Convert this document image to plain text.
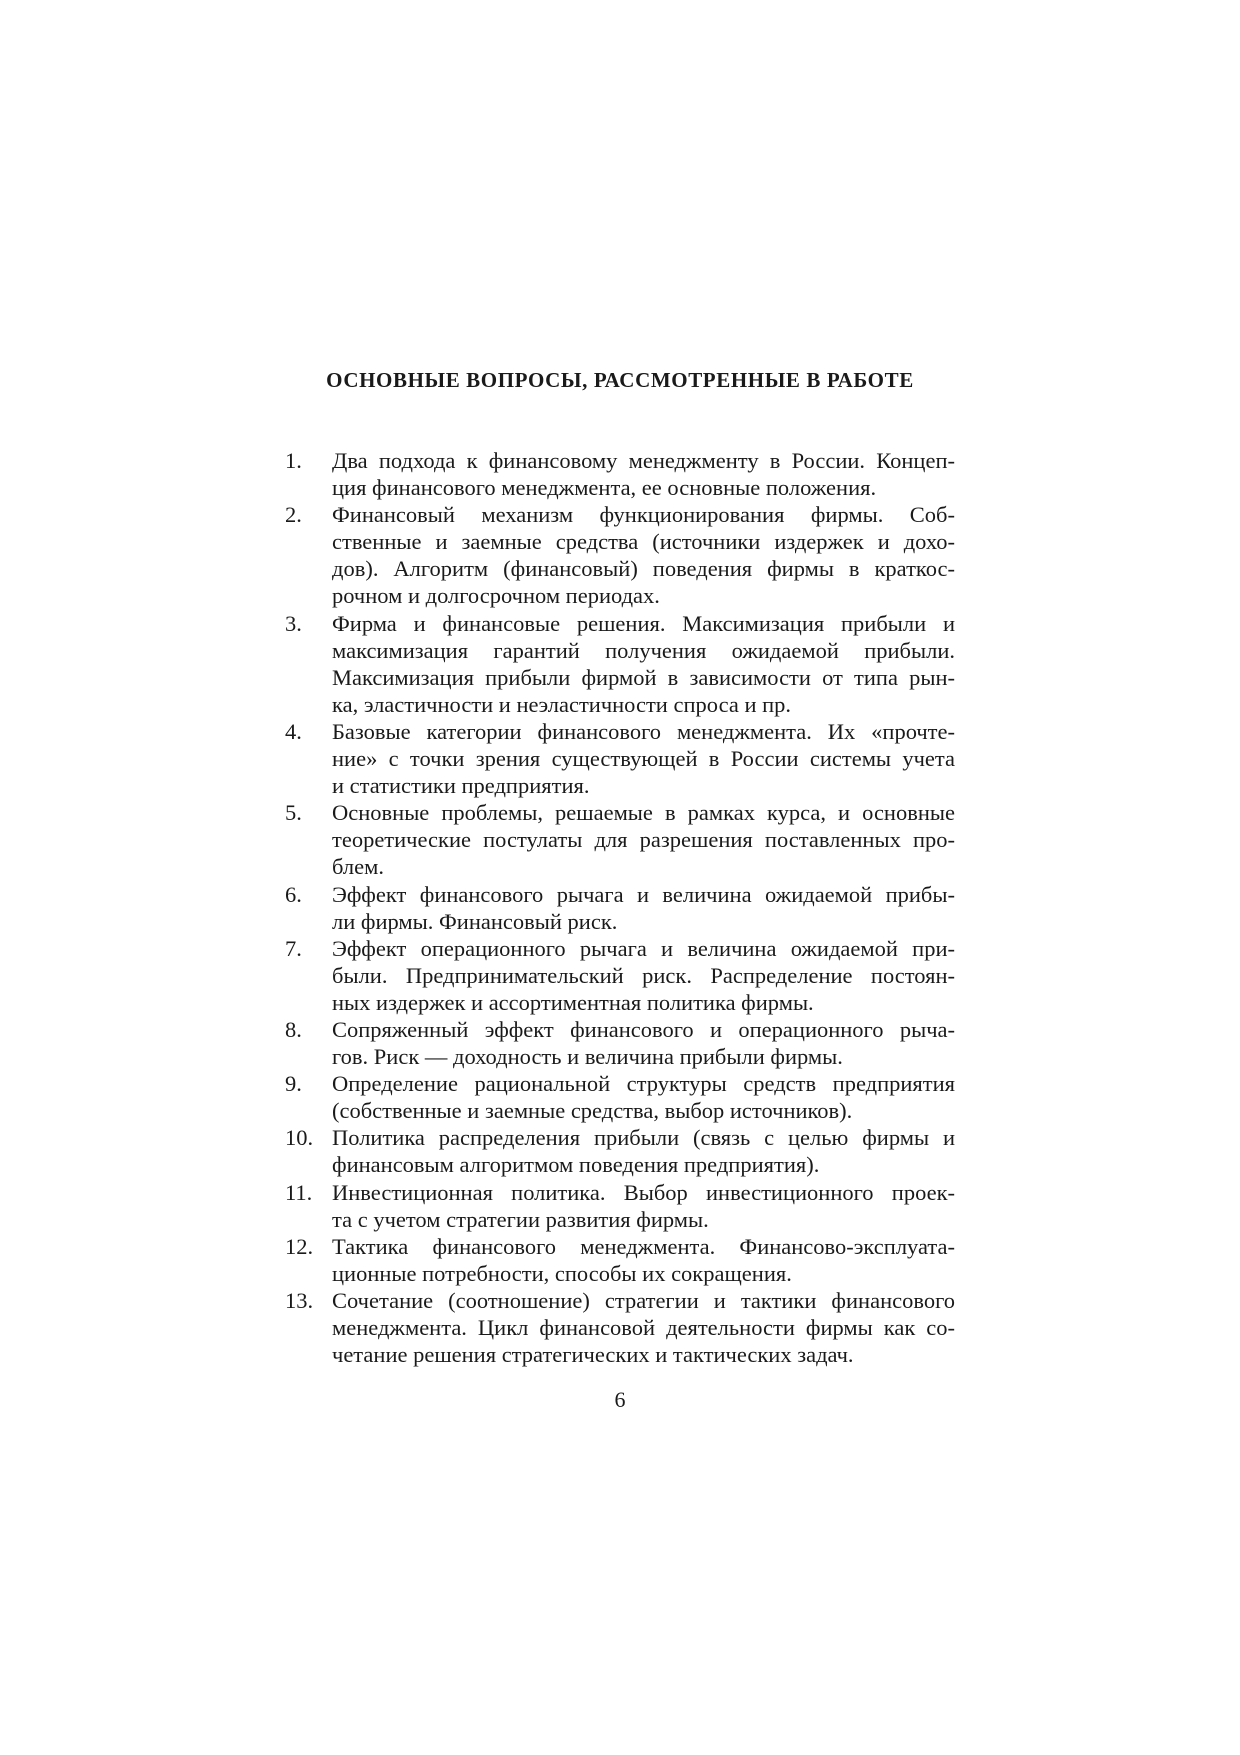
ОСНОВНЫЕ ВОПРОСЫ, РАССМОТРЕННЫЕ В РАБОТЕ
1.	Два подхода к финансовому менеджменту в России. Концеп-
ция финансового менеджмента, ее основные положения.
2.	Финансовый механизм функционирования фирмы. Соб-
ственные и заемные средства (источники издержек и дохо-
дов). Алгоритм (финансовый) поведения фирмы в краткос-
рочном и долгосрочном периодах.
3.	Фирма и финансовые решения. Максимизация прибыли и
максимизация гарантий получения ожидаемой прибыли.
Максимизация прибыли фирмой в зависимости от типа рын-
ка, эластичности и неэластичности спроса и пр.
4.	Базовые категории финансового менеджмента. Их «прочте-
ние» с точки зрения существующей в России системы учета
и статистики предприятия.
5.	Основные проблемы, решаемые в рамках курса, и основные
теоретические постулаты для разрешения поставленных про-
блем.
6.	Эффект финансового рычага и величина ожидаемой прибы-
ли фирмы. Финансовый риск.
7.	Эффект операционного рычага и величина ожидаемой при-
были. Предпринимательский риск. Распределение постоян-
ных издержек и ассортиментная политика фирмы.
8.	Сопряженный эффект финансового и операционного рыча-
гов. Риск — доходность и величина прибыли фирмы.
9.	Определение рациональной структуры средств предприятия
(собственные и заемные средства, выбор источников).
10. Политика распределения прибыли (связь с целью фирмы и
финансовым алгоритмом поведения предприятия).
11. Инвестиционная политика. Выбор инвестиционного проек-
та с учетом стратегии развития фирмы.
12. Тактика финансового менеджмента. Финансово-эксплуата-
ционные потребности, способы их сокращения.
13. Сочетание (соотношение) стратегии и тактики финансового
менеджмента. Цикл финансовой деятельности фирмы как со-
четание решения стратегических и тактических задач.
6
